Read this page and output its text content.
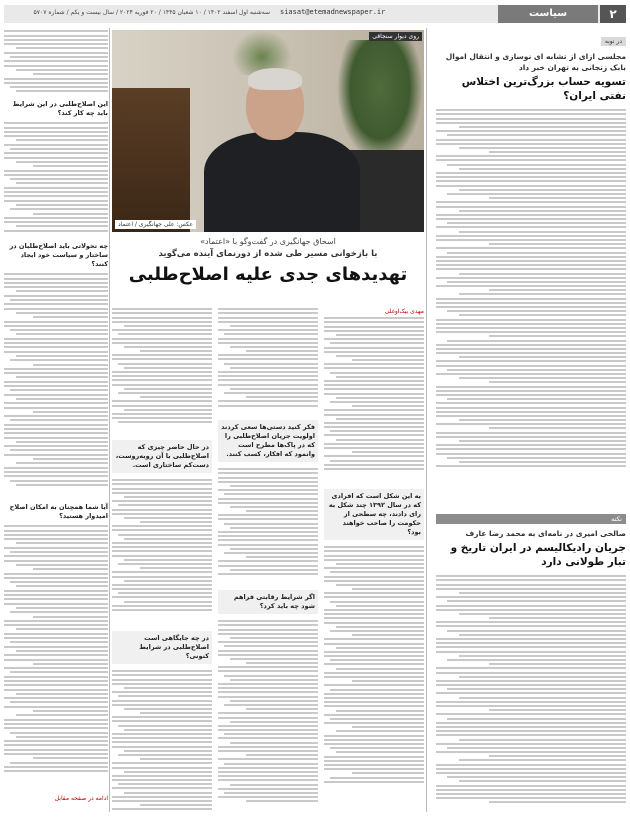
۲
سیاست
siasat@etemadnewspaper.ir
سه‌شنبه اول اسفند ۱۴۰۲ / ۱۰ شعبان ۱۴۴۵ / ۲۰ فوریه ۲۰۲۴ / سال بیست و یکم / شماره ۵۷۰۷
در نوبه
مجلسی ازای از تشابه ای نوسازی و انتقال اموال بابک زنجانی به تهران خبر داد
تسویه حساب بزرگ‌ترین اختلاس نفتی ایران؟
نکته
صالحی امیری در نامه‌ای به محمد رضا عارف
جریان رادیکالیسم در ایران تاریخ و تبار طولانی دارد
روی دیوار سنجاقی
عکس: علی جهانگیری / اعتماد
اسحاق جهانگیری در گفت‌وگو با «اعتماد»
با بازخوانی مسیر طی شده از دورنمای آینده می‌گوید
تهدیدهای جدی علیه اصلاح‌طلبی
مهدی بیک‌اوغلی
به این شکل است که افرادی که در سال ۱۳۹۲ چند شکل به رای دادند، چه سطحی از حکومت را صاحب خواهند بود؟
فکر کنید دستی‌ها سعی کردند اولویت جریان اصلاح‌طلبی را که در پاک‌ها مطرح است وانمود که افکار، کسب کنند.
اگر شرایط رقابتی فراهم شود چه باید کرد؟
در حال حاضر چیزی که اصلاح‌طلبی با آن روبه‌روست، دست‌کم ساختاری است.
در چه جایگاهی است اصلاح‌طلبی در شرایط کنونی؟
این اصلاح‌طلبی در این شرایط باید چه کار کند؟
چه تحولاتی باید اصلاح‌طلبان در ساختار و سیاست خود ایجاد کنند؟
آیا شما همچنان به امکان اصلاح امیدوار هستید؟
ادامه در صفحه مقابل
